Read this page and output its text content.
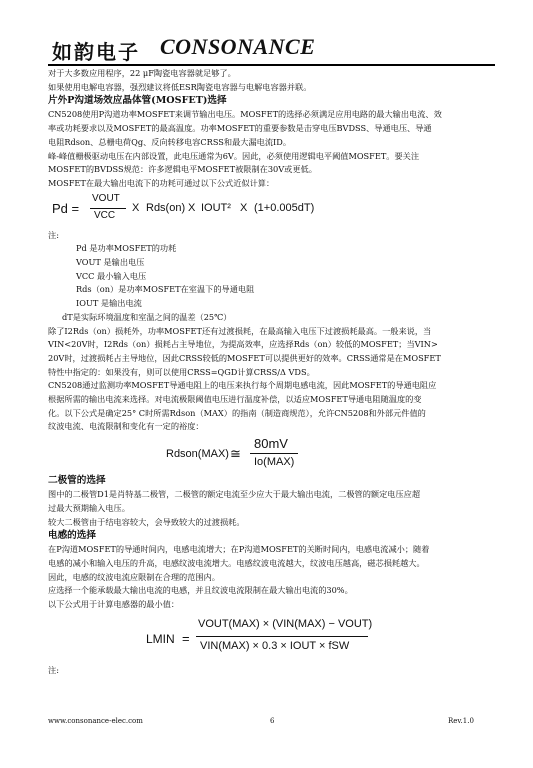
如韵电子 CONSONANCE
对于大多数应用程序，22 μF陶瓷电容器就足够了。
如果使用电解电容器，强烈建议将低ESR陶瓷电容器与电解电容器并联。
片外P沟道场效应晶体管(MOSFET)选择
CN5208使用P沟道功率MOSFET来调节输出电压。MOSFET的选择必须满足应用电路的最大输出电流、效
率或功耗要求以及MOSFET的最高温度。功率MOSFET的重要参数是击穿电压BVDSS、导通电压、导通
电阻Rdson、总栅电荷Qg、反向转移电容CRSS和最大漏电流ID。
峰-峰值栅极驱动电压在内部设置，此电压通常为6V。因此，必须使用逻辑电平阈值MOSFET。要关注
MOSFET的BVDSS规范：许多逻辑电平MOSFET被限制在30V或更低。
MOSFET在最大输出电流下的功耗可通过以下公式近似计算：
Pd =
VOUT
VCC
X Rds(on) X IOUT² X (1+0.005dT)
注:
Pd 是功率MOSFET的功耗
VOUT 是输出电压
VCC 最小输入电压
Rds（on）是功率MOSFET在室温下的导通电阻
IOUT 是输出电流
dT是实际环境温度和室温之间的温差（25℃）
除了I2Rds（on）损耗外，功率MOSFET还有过渡损耗，在最高输入电压下过渡损耗最高。一般来说，当
VIN<20V时，I2Rds（on）损耗占主导地位，为提高效率，应选择Rds（on）较低的MOSFET；当VIN>
20V时，过渡损耗占主导地位，因此CRSS较低的MOSFET可以提供更好的效率。CRSS通常是在MOSFET
特性中指定的：如果没有，则可以使用CRSS=QGD计算CRSS/Δ VDS。
CN5208通过监测功率MOSFET导通电阻上的电压来执行每个周期电感电流，因此MOSFET的导通电阻应
根据所需的输出电流来选择。对电流极限阈值电压进行温度补偿，以适应MOSFET导通电阻随温度的变
化。以下公式是确定25° C时所需Rdson（MAX）的指南（制造商规范），允许CN5208和外部元件值的
纹波电流、电流限制和变化有一定的裕度：
Rdson(MAX) ≅
80mV
Io(MAX)
二极管的选择
图中的二极管D1是肖特基二极管，二极管的额定电流至少应大于最大输出电流，二极管的额定电压应超
过最大预期输入电压。
较大二极管由于结电容较大，会导致较大的过渡损耗。
电感的选择
在P沟道MOSFET的导通时间内，电感电流增大；在P沟道MOSFET的关断时间内，电感电流减小；随着
电感的减小和输入电压的升高，电感纹波电流增大。电感纹波电流越大，纹波电压越高，磁芯损耗越大。
因此，电感的纹波电流应限制在合理的范围内。
应选择一个能承载最大输出电流的电感，并且纹波电流限制在最大输出电流的30%。
以下公式用于计算电感器的最小值：
LMIN =
VOUT(MAX) × (VIN(MAX) − VOUT)
VIN(MAX) × 0.3 × IOUT × fSW
注:
www.consonance-elec.com	6	Rev.1.0
